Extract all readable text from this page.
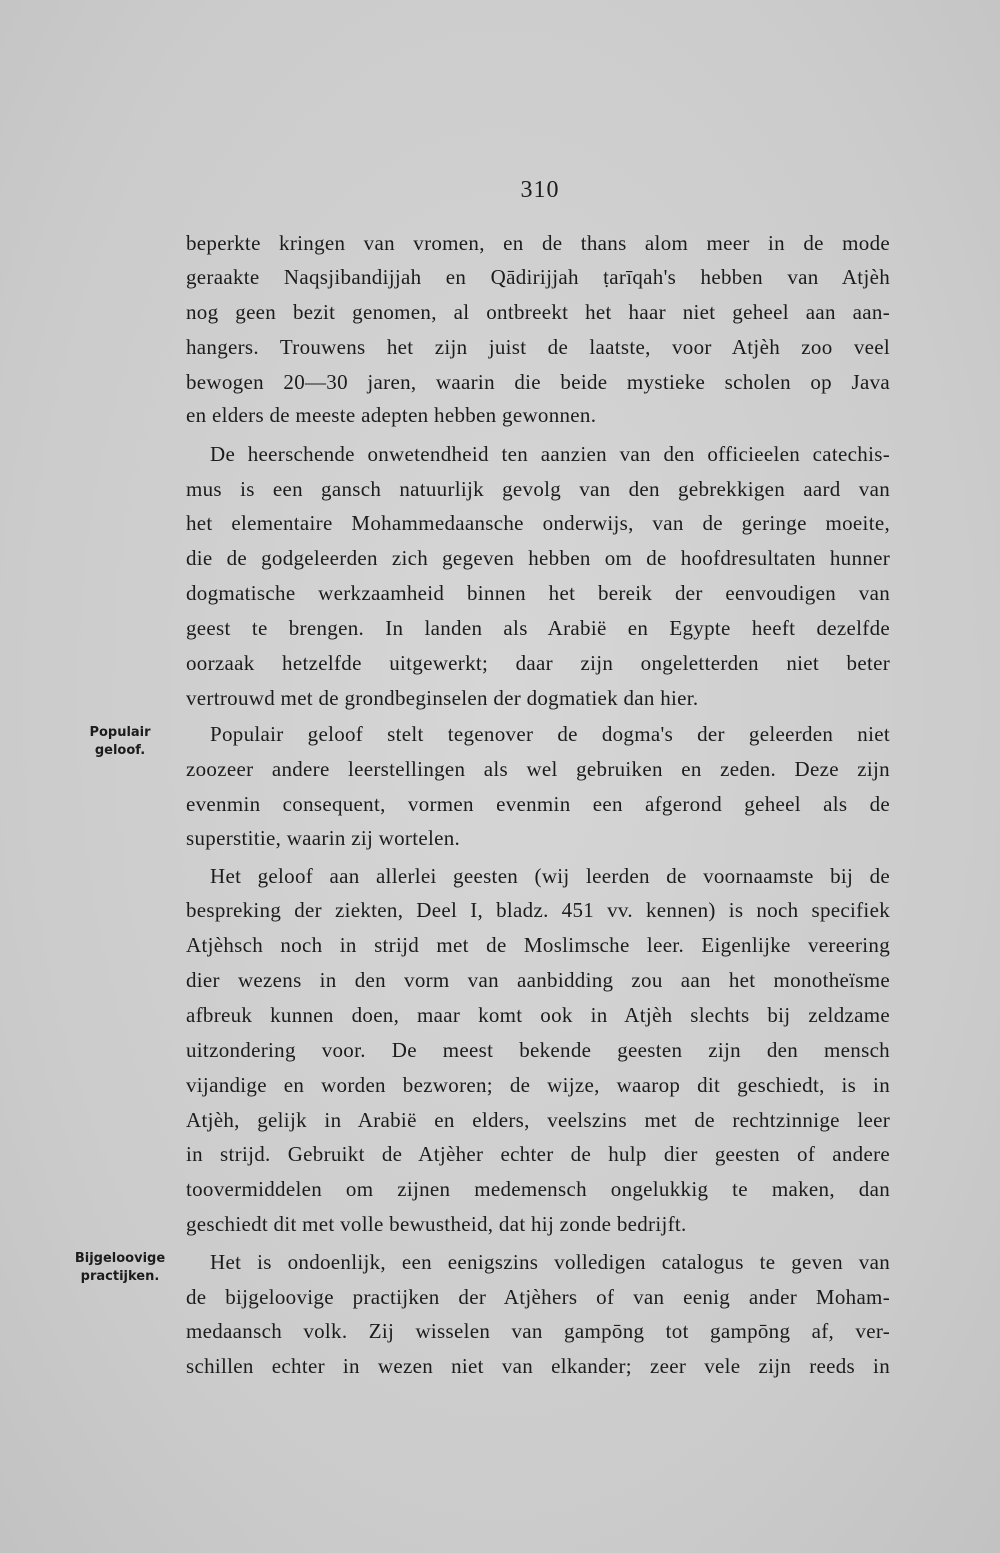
310
Populair
geloof.
Bijgeloovige
practijken.
beperkte kringen van vromen, en de thans alom meer in de mode
geraakte Naqsjibandijjah en Qādirijjah ṭarīqah's hebben van Atjèh
nog geen bezit genomen, al ontbreekt het haar niet geheel aan aan-
hangers. Trouwens het zijn juist de laatste, voor Atjèh zoo veel
bewogen 20—30 jaren, waarin die beide mystieke scholen op Java
en elders de meeste adepten hebben gewonnen.
De heerschende onwetendheid ten aanzien van den officieelen catechis-
mus is een gansch natuurlijk gevolg van den gebrekkigen aard van
het elementaire Mohammedaansche onderwijs, van de geringe moeite,
die de godgeleerden zich gegeven hebben om de hoofdresultaten hunner
dogmatische werkzaamheid binnen het bereik der eenvoudigen van
geest te brengen. In landen als Arabië en Egypte heeft dezelfde
oorzaak hetzelfde uitgewerkt; daar zijn ongeletterden niet beter
vertrouwd met de grondbeginselen der dogmatiek dan hier.
Populair geloof stelt tegenover de dogma's der geleerden niet
zoozeer andere leerstellingen als wel gebruiken en zeden. Deze zijn
evenmin consequent, vormen evenmin een afgerond geheel als de
superstitie, waarin zij wortelen.
Het geloof aan allerlei geesten (wij leerden de voornaamste bij de
bespreking der ziekten, Deel I, bladz. 451 vv. kennen) is noch specifiek
Atjèhsch noch in strijd met de Moslimsche leer. Eigenlijke vereering
dier wezens in den vorm van aanbidding zou aan het monotheïsme
afbreuk kunnen doen, maar komt ook in Atjèh slechts bij zeldzame
uitzondering voor. De meest bekende geesten zijn den mensch
vijandige en worden bezworen; de wijze, waarop dit geschiedt, is in
Atjèh, gelijk in Arabië en elders, veelszins met de rechtzinnige leer
in strijd. Gebruikt de Atjèher echter de hulp dier geesten of andere
toovermiddelen om zijnen medemensch ongelukkig te maken, dan
geschiedt dit met volle bewustheid, dat hij zonde bedrijft.
Het is ondoenlijk, een eenigszins volledigen catalogus te geven van
de bijgeloovige practijken der Atjèhers of van eenig ander Moham-
medaansch volk. Zij wisselen van gampōng tot gampōng af, ver-
schillen echter in wezen niet van elkander; zeer vele zijn reeds in
